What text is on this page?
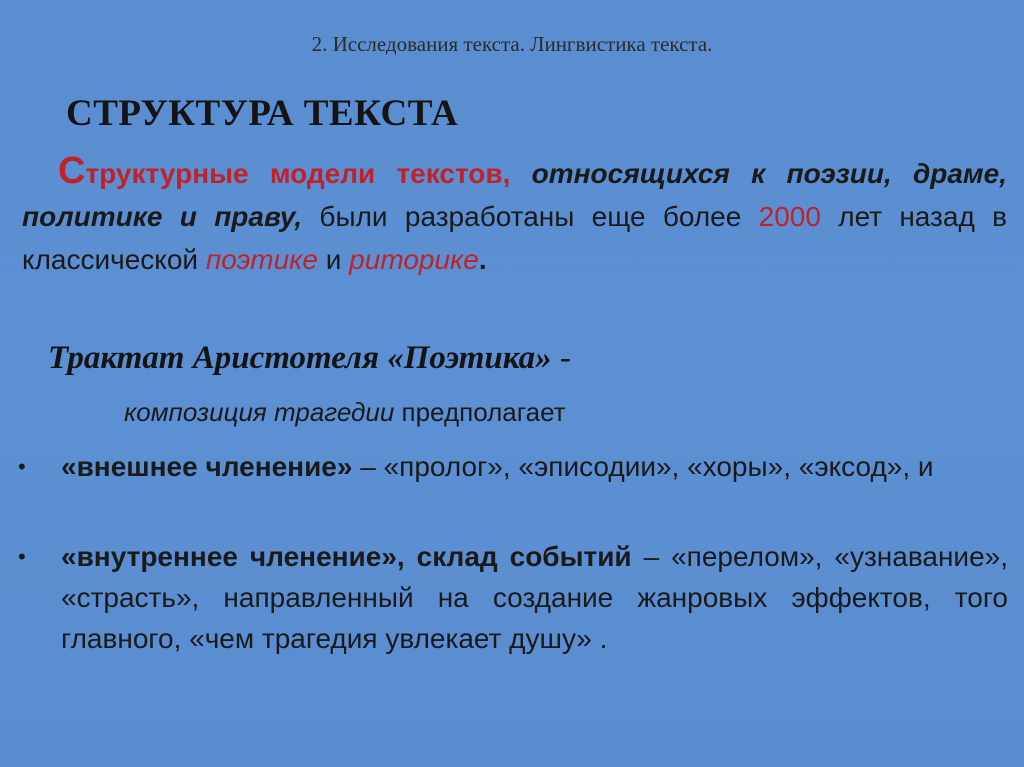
2. Исследования текста. Лингвистика текста.
СТРУКТУРА ТЕКСТА
Структурные модели текстов, относящихся к поэзии, драме, политике и праву, были разработаны еще более 2000 лет назад в классической поэтике и риторике.
Трактат Аристотеля «Поэтика» -
композиция трагедии предполагает
• «внешнее членение» – «пролог», «эписодии», «хоры», «эксод», и
• «внутреннее членение», склад событий – «перелом», «узнавание», «страсть», направленный на создание жанровых эффектов, того главного, «чем трагедия увлекает душу» .
